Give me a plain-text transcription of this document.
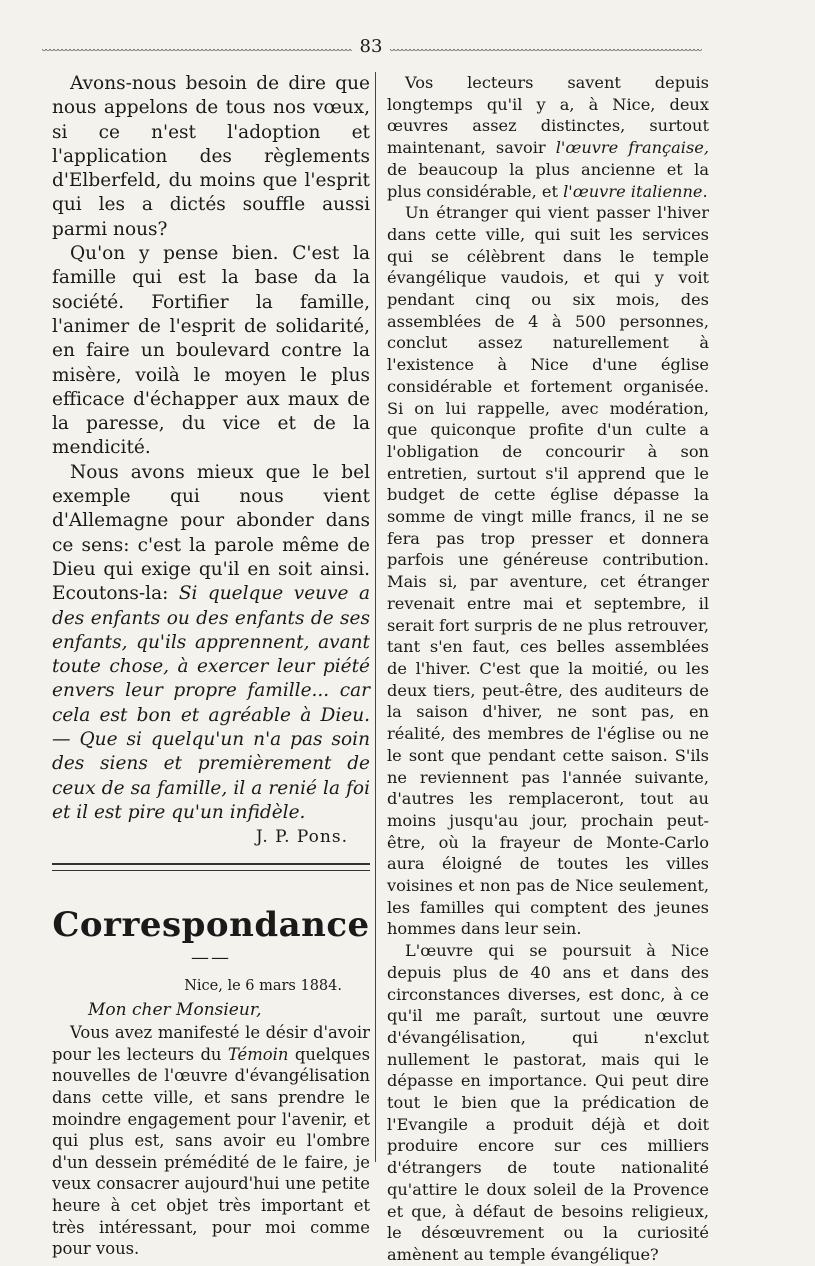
83

Avons-nous besoin de dire que nous appelons de tous nos vœux, si ce n'est l'adoption et l'application des règlements d'Elberfeld, du moins que l'esprit qui les a dictés souffle aussi parmi nous?

Qu'on y pense bien. C'est la famille qui est la base da la société. Fortifier la famille, l'animer de l'esprit de solidarité, en faire un boulevard contre la misère, voilà le moyen le plus efficace d'échapper aux maux de la paresse, du vice et de la mendicité.

Nous avons mieux que le bel exemple qui nous vient d'Allemagne pour abonder dans ce sens: c'est la parole même de Dieu qui exige qu'il en soit ainsi. Ecoutons-la: Si quelque veuve a des enfants ou des enfants de ses enfants, qu'ils apprennent, avant toute chose, à exercer leur piété envers leur propre famille... car cela est bon et agréable à Dieu. — Que si quelqu'un n'a pas soin des siens et premièrement de ceux de sa famille, il a renié la foi et il est pire qu'un infidèle.

J. P. Pons.
Correspondance
——
Nice, le 6 mars 1884.
Mon cher Monsieur,

Vous avez manifesté le désir d'avoir pour les lecteurs du Témoin quelques nouvelles de l'œuvre d'évangélisation dans cette ville, et sans prendre le moindre engagement pour l'avenir, et qui plus est, sans avoir eu l'ombre d'un dessein prémédité de le faire, je veux consacrer aujourd'hui une petite heure à cet objet très important et très intéressant, pour moi comme pour vous.

Vos lecteurs savent depuis longtemps qu'il y a, à Nice, deux œuvres assez distinctes, surtout maintenant, savoir l'œuvre française, de beaucoup la plus ancienne et la plus considérable, et l'œuvre italienne.

Un étranger qui vient passer l'hiver dans cette ville, qui suit les services qui se célèbrent dans le temple évangélique vaudois, et qui y voit pendant cinq ou six mois, des assemblées de 4 à 500 personnes, conclut assez naturellement à l'existence à Nice d'une église considérable et fortement organisée. Si on lui rappelle, avec modération, que quiconque profite d'un culte a l'obligation de concourir à son entretien, surtout s'il apprend que le budget de cette église dépasse la somme de vingt mille francs, il ne se fera pas trop presser et donnera parfois une généreuse contribution. Mais si, par aventure, cet étranger revenait entre mai et septembre, il serait fort surpris de ne plus retrouver, tant s'en faut, ces belles assemblées de l'hiver. C'est que la moitié, ou les deux tiers, peut-être, des auditeurs de la saison d'hiver, ne sont pas, en réalité, des membres de l'église ou ne le sont que pendant cette saison. S'ils ne reviennent pas l'année suivante, d'autres les remplaceront, tout au moins jusqu'au jour, prochain peut-être, où la frayeur de Monte-Carlo aura éloigné de toutes les villes voisines et non pas de Nice seulement, les familles qui comptent des jeunes hommes dans leur sein.

L'œuvre qui se poursuit à Nice depuis plus de 40 ans et dans des circonstances diverses, est donc, à ce qu'il me paraît, surtout une œuvre d'évangélisation, qui n'exclut nullement le pastorat, mais qui le dépasse en importance. Qui peut dire tout le bien que la prédication de l'Evangile a produit déjà et doit produire encore sur ces milliers d'étrangers de toute nationalité qu'attire le doux soleil de la Provence et que, à défaut de besoins religieux, le désœuvrement ou la curiosité amènent au temple évangélique?
